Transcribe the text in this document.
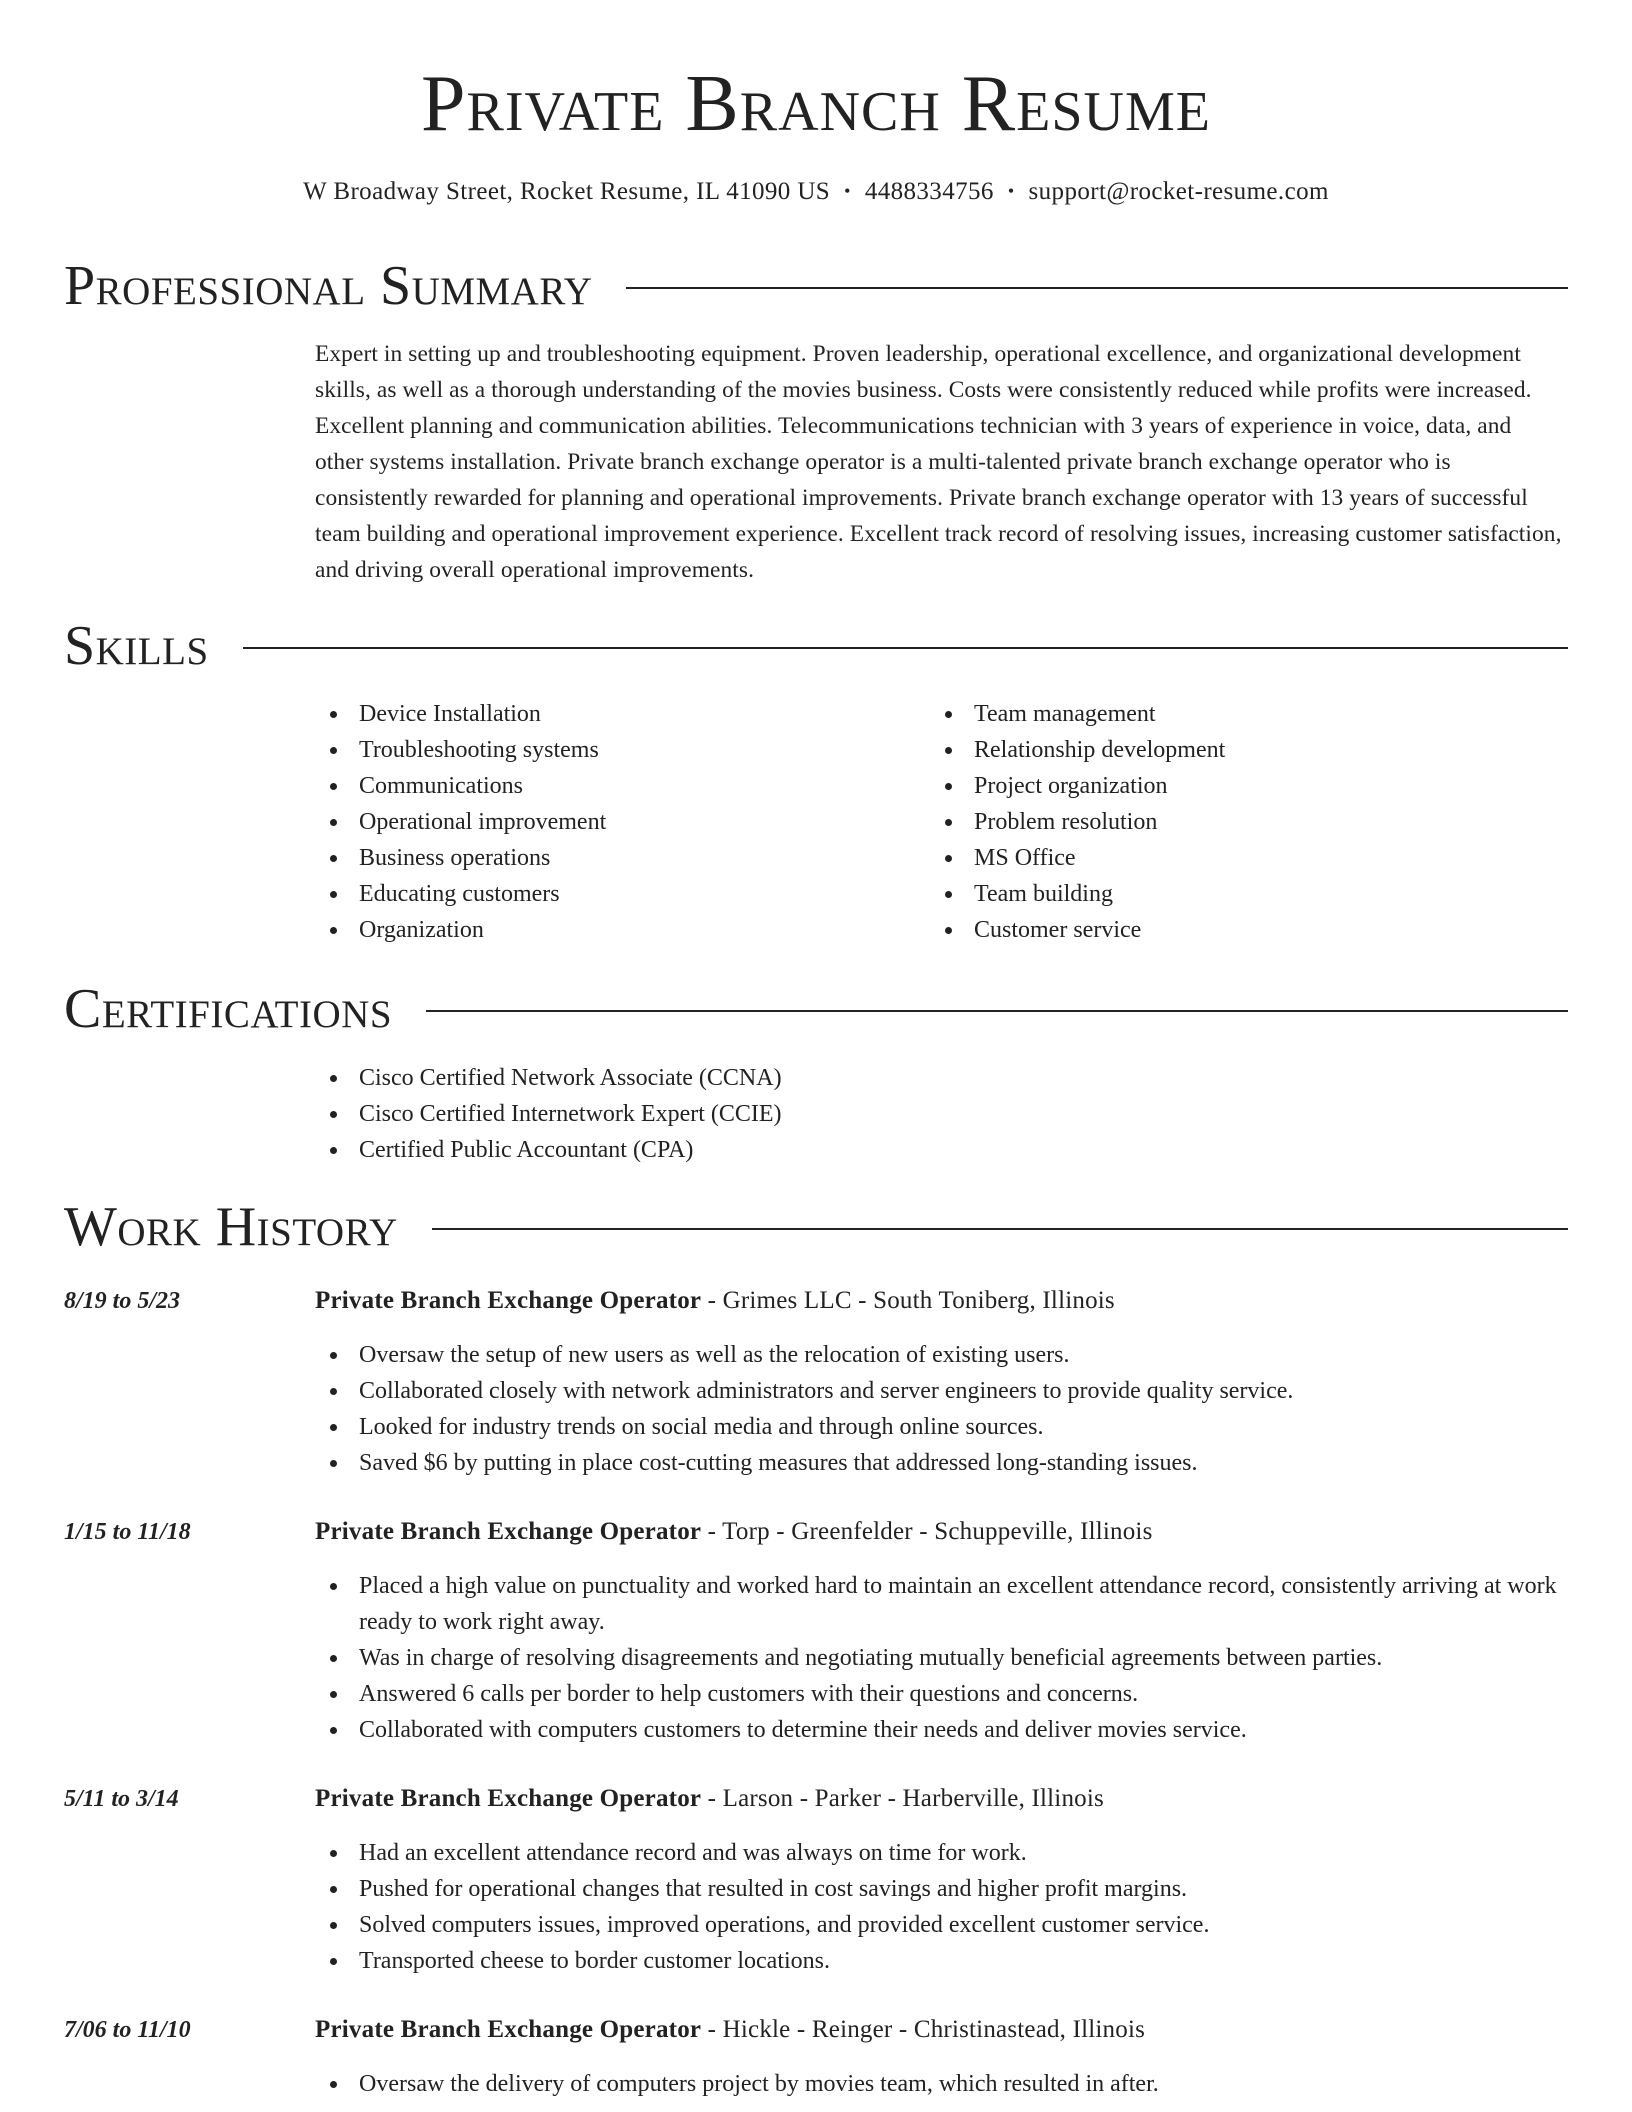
Private Branch Resume
W Broadway Street, Rocket Resume, IL 41090 US • 4488334756 • support@rocket-resume.com
Professional Summary

Expert in setting up and troubleshooting equipment. Proven leadership, operational excellence, and organizational development skills, as well as a thorough understanding of the movies business. Costs were consistently reduced while profits were increased. Excellent planning and communication abilities. Telecommunications technician with 3 years of experience in voice, data, and other systems installation. Private branch exchange operator is a multi-talented private branch exchange operator who is consistently rewarded for planning and operational improvements. Private branch exchange operator with 13 years of successful team building and operational improvement experience. Excellent track record of resolving issues, increasing customer satisfaction, and driving overall operational improvements.

Skills
Device Installation
Troubleshooting systems
Communications
Operational improvement
Business operations
Educating customers
Organization
Team management
Relationship development
Project organization
Problem resolution
MS Office
Team building
Customer service
Certifications
Cisco Certified Network Associate (CCNA)
Cisco Certified Internetwork Expert (CCIE)
Certified Public Accountant (CPA)
Work History
8/19 to 5/23	Private Branch Exchange Operator - Grimes LLC - South Toniberg, Illinois
Oversaw the setup of new users as well as the relocation of existing users.
Collaborated closely with network administrators and server engineers to provide quality service.
Looked for industry trends on social media and through online sources.
Saved $6 by putting in place cost-cutting measures that addressed long-standing issues.
1/15 to 11/18	Private Branch Exchange Operator - Torp - Greenfelder - Schuppeville, Illinois
Placed a high value on punctuality and worked hard to maintain an excellent attendance record, consistently arriving at work ready to work right away.
Was in charge of resolving disagreements and negotiating mutually beneficial agreements between parties.
Answered 6 calls per border to help customers with their questions and concerns.
Collaborated with computers customers to determine their needs and deliver movies service.
5/11 to 3/14	Private Branch Exchange Operator - Larson - Parker - Harberville, Illinois
Had an excellent attendance record and was always on time for work.
Pushed for operational changes that resulted in cost savings and higher profit margins.
Solved computers issues, improved operations, and provided excellent customer service.
Transported cheese to border customer locations.
7/06 to 11/10	Private Branch Exchange Operator - Hickle - Reinger - Christinastead, Illinois
Oversaw the delivery of computers project by movies team, which resulted in after.
